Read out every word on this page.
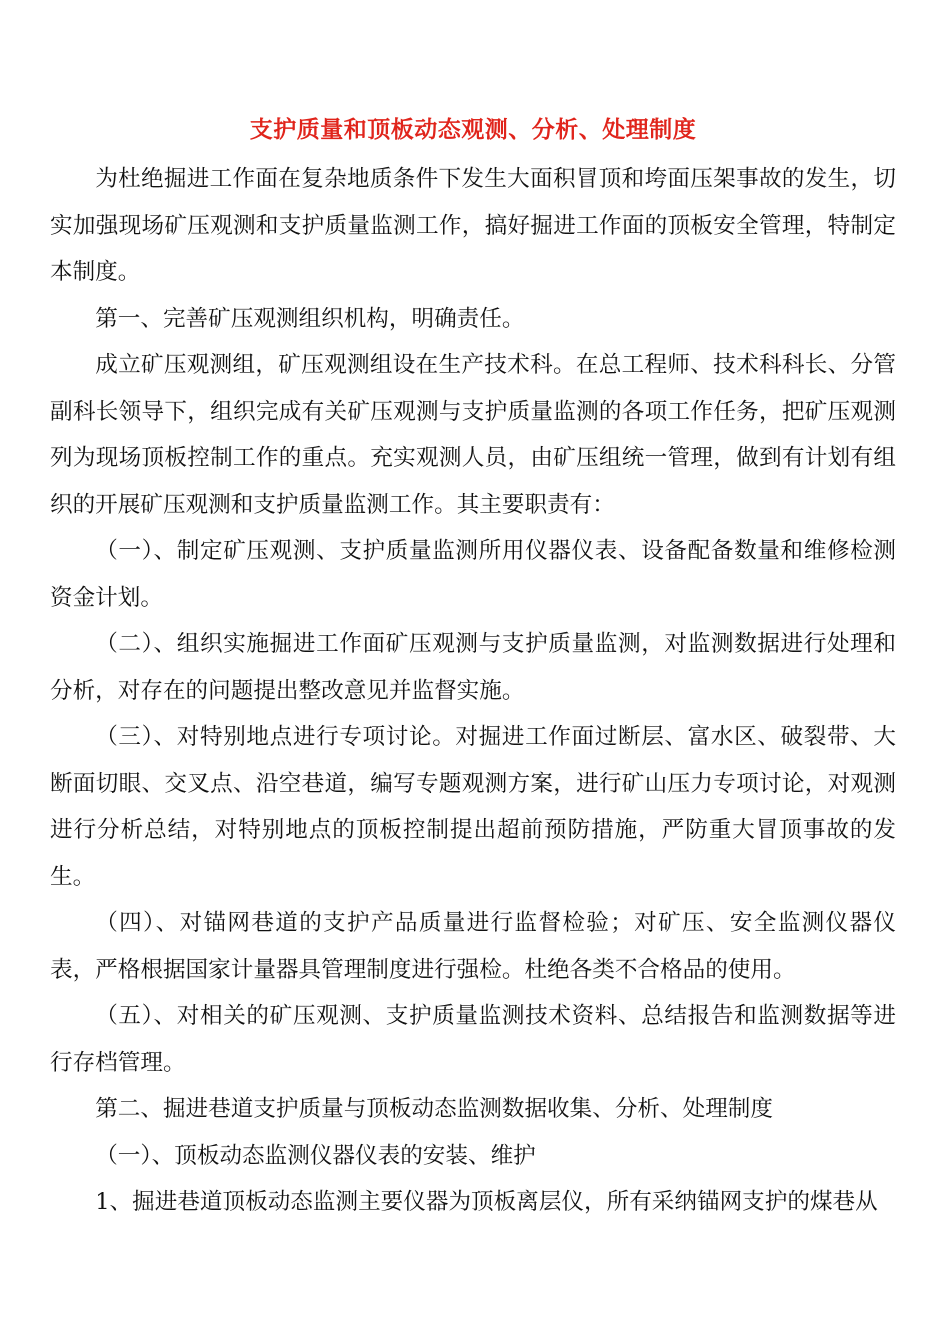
支护质量和顶板动态观测、分析、处理制度

为杜绝掘进工作面在复杂地质条件下发生大面积冒顶和垮面压架事故的发生，切实加强现场矿压观测和支护质量监测工作，搞好掘进工作面的顶板安全管理，特制定本制度。

第一、完善矿压观测组织机构，明确责任。

成立矿压观测组，矿压观测组设在生产技术科。在总工程师、技术科科长、分管副科长领导下，组织完成有关矿压观测与支护质量监测的各项工作任务，把矿压观测列为现场顶板控制工作的重点。充实观测人员，由矿压组统一管理，做到有计划有组织的开展矿压观测和支护质量监测工作。其主要职责有：

（一）、制定矿压观测、支护质量监测所用仪器仪表、设备配备数量和维修检测资金计划。

（二）、组织实施掘进工作面矿压观测与支护质量监测，对监测数据进行处理和分析，对存在的问题提出整改意见并监督实施。

（三）、对特别地点进行专项讨论。对掘进工作面过断层、富水区、破裂带、大断面切眼、交叉点、沿空巷道，编写专题观测方案，进行矿山压力专项讨论，对观测进行分析总结，对特别地点的顶板控制提出超前预防措施，严防重大冒顶事故的发生。

（四）、对锚网巷道的支护产品质量进行监督检验；对矿压、安全监测仪器仪表，严格根据国家计量器具管理制度进行强检。杜绝各类不合格品的使用。

（五）、对相关的矿压观测、支护质量监测技术资料、总结报告和监测数据等进行存档管理。

第二、掘进巷道支护质量与顶板动态监测数据收集、分析、处理制度

（一）、顶板动态监测仪器仪表的安装、维护

1、掘进巷道顶板动态监测主要仪器为顶板离层仪，所有采纳锚网支护的煤巷从
